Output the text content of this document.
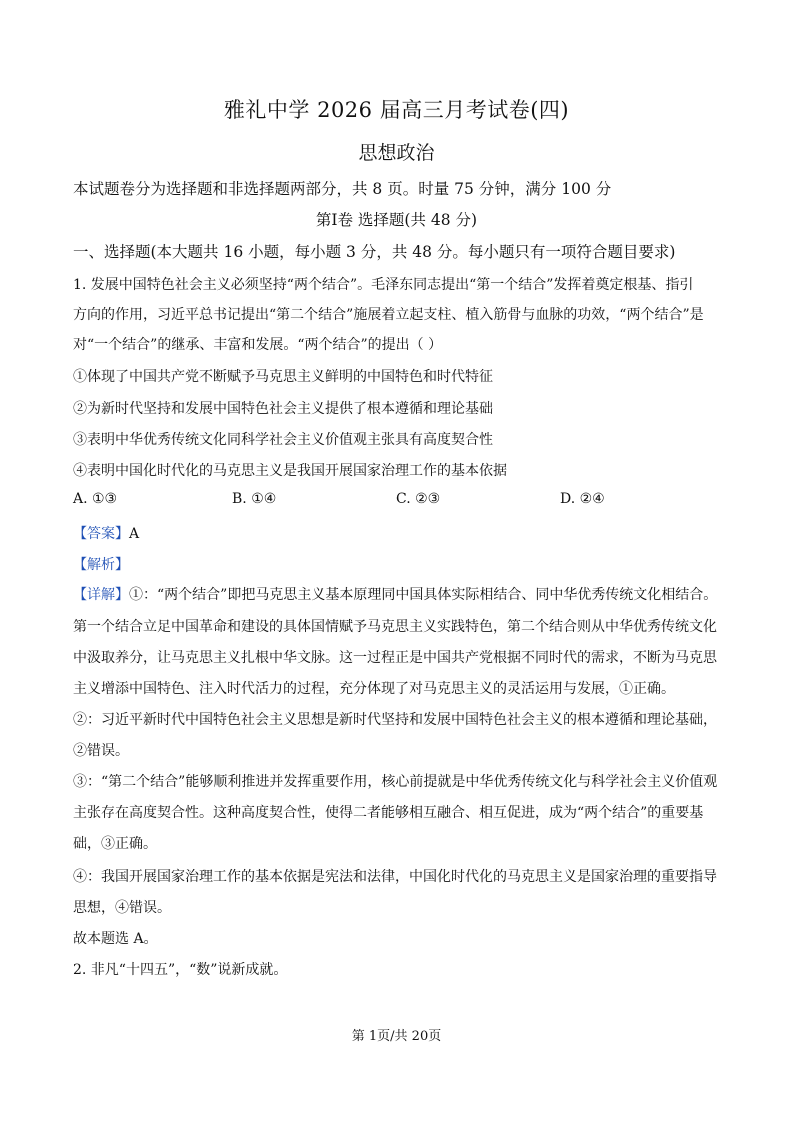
雅礼中学 2026 届高三月考试卷(四)
思想政治
本试题卷分为选择题和非选择题两部分，共 8 页。时量 75 分钟，满分 100 分
第Ⅰ卷 选择题(共 48 分)
一、选择题(本大题共 16 小题，每小题 3 分，共 48 分。每小题只有一项符合题目要求)
1. 发展中国特色社会主义必须坚持“两个结合”。毛泽东同志提出“第一个结合”发挥着奠定根基、指引
方向的作用，习近平总书记提出“第二个结合”施展着立起支柱、植入筋骨与血脉的功效，“两个结合”是
对“一个结合”的继承、丰富和发展。“两个结合”的提出（ ）
①体现了中国共产党不断赋予马克思主义鲜明的中国特色和时代特征
②为新时代坚持和发展中国特色社会主义提供了根本遵循和理论基础
③表明中华优秀传统文化同科学社会主义价值观主张具有高度契合性
④表明中国化时代化的马克思主义是我国开展国家治理工作的基本依据
A. ①③	B. ①④	C. ②③	D. ②④
【答案】A
【解析】
【详解】①：“两个结合”即把马克思主义基本原理同中国具体实际相结合、同中华优秀传统文化相结合。
第一个结合立足中国革命和建设的具体国情赋予马克思主义实践特色，第二个结合则从中华优秀传统文化
中汲取养分，让马克思主义扎根中华文脉。这一过程正是中国共产党根据不同时代的需求，不断为马克思
主义增添中国特色、注入时代活力的过程，充分体现了对马克思主义的灵活运用与发展，①正确。
②：习近平新时代中国特色社会主义思想是新时代坚持和发展中国特色社会主义的根本遵循和理论基础，
②错误。
③：“第二个结合”能够顺利推进并发挥重要作用，核心前提就是中华优秀传统文化与科学社会主义价值观
主张存在高度契合性。这种高度契合性，使得二者能够相互融合、相互促进，成为“两个结合”的重要基
础，③正确。
④：我国开展国家治理工作的基本依据是宪法和法律，中国化时代化的马克思主义是国家治理的重要指导
思想，④错误。
故本题选 A。
2. 非凡“十四五”，“数”说新成就。
第 1页/共 20页
